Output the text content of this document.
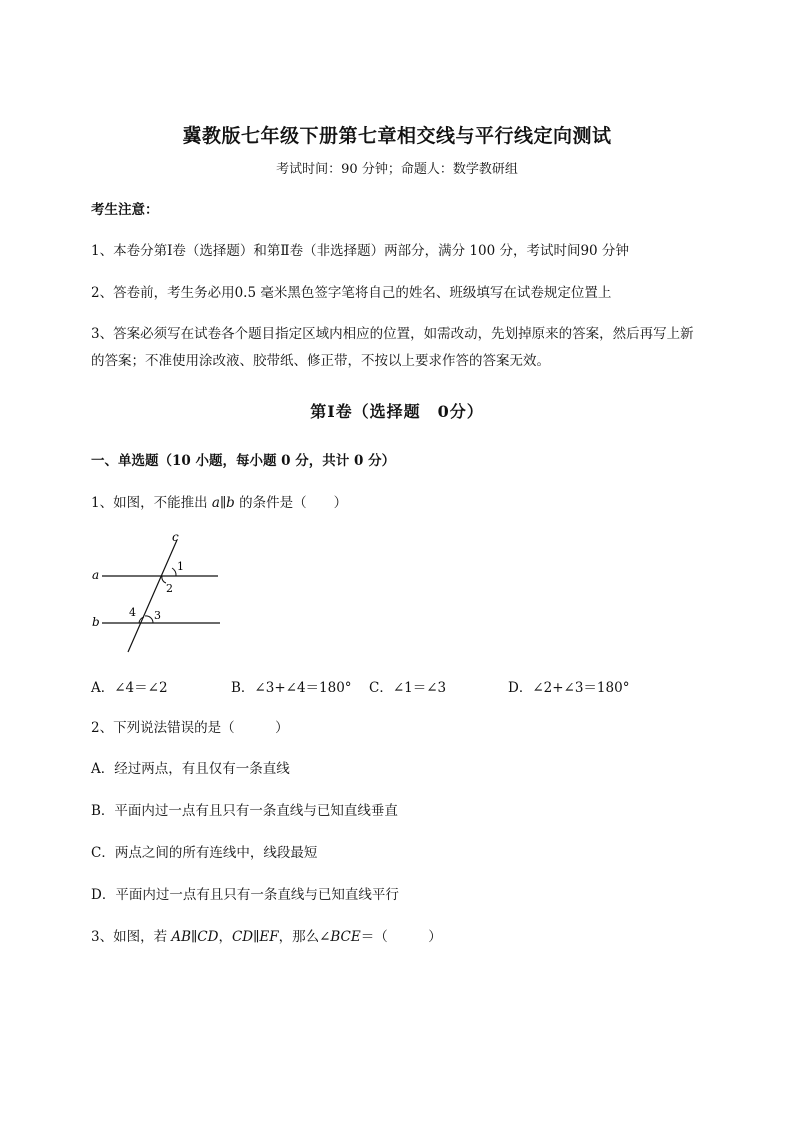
冀教版七年级下册第七章相交线与平行线定向测试
考试时间：90 分钟；命题人：数学教研组
考生注意：
1、本卷分第Ⅰ卷（选择题）和第Ⅱ卷（非选择题）两部分，满分 100 分，考试时间90 分钟
2、答卷前，考生务必用0.5 毫米黑色签字笔将自己的姓名、班级填写在试卷规定位置上
3、答案必须写在试卷各个题目指定区域内相应的位置，如需改动，先划掉原来的答案，然后再写上新
的答案；不准使用涂改液、胶带纸、修正带，不按以上要求作答的答案无效。
第Ⅰ卷（选择题　0分）
一、单选题（10 小题，每小题 0 分，共计 0 分）
1、如图，不能推出 a∥b 的条件是（　　）
a
b
c
1
2
3
4
A．∠4＝∠2	B．∠3+∠4＝180° C．∠1＝∠3	D．∠2+∠3＝180°
2、下列说法错误的是（　　　）
A．经过两点，有且仅有一条直线
B．平面内过一点有且只有一条直线与已知直线垂直
C．两点之间的所有连线中，线段最短
D．平面内过一点有且只有一条直线与已知直线平行
3、如图，若 AB∥CD，CD∥EF，那么∠BCE＝（　　　）
